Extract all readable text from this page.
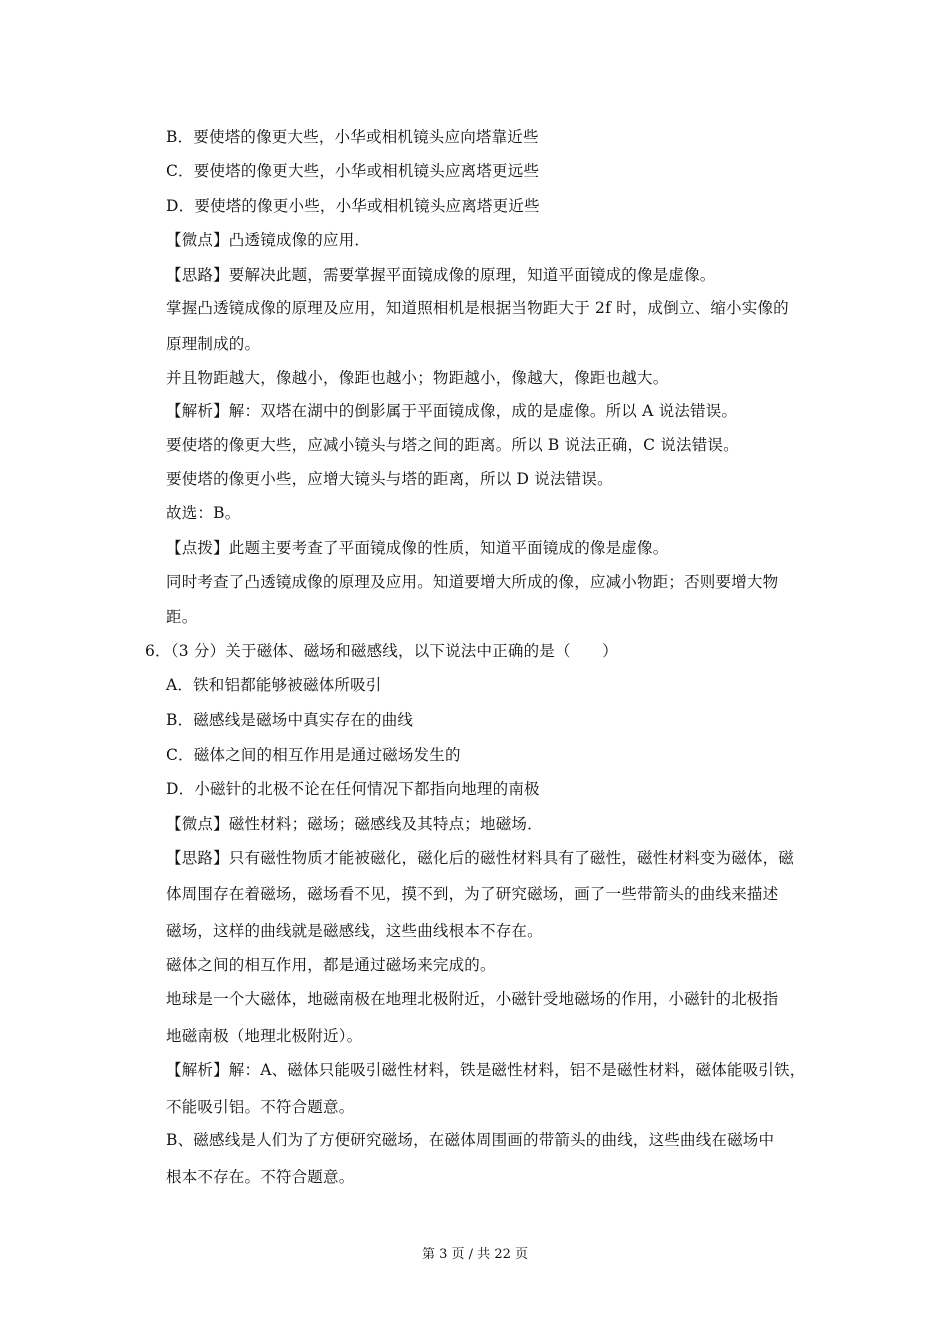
B．要使塔的像更大些，小华或相机镜头应向塔靠近些
C．要使塔的像更大些，小华或相机镜头应离塔更远些
D．要使塔的像更小些，小华或相机镜头应离塔更近些
【微点】凸透镜成像的应用．
【思路】要解决此题，需要掌握平面镜成像的原理，知道平面镜成的像是虚像。
掌握凸透镜成像的原理及应用，知道照相机是根据当物距大于 2f 时，成倒立、缩小实像的
原理制成的。
并且物距越大，像越小，像距也越小；物距越小，像越大，像距也越大。
【解析】解：双塔在湖中的倒影属于平面镜成像，成的是虚像。所以 A 说法错误。
要使塔的像更大些，应减小镜头与塔之间的距离。所以 B 说法正确，C 说法错误。
要使塔的像更小些，应增大镜头与塔的距离，所以 D 说法错误。
故选：B。
【点拨】此题主要考查了平面镜成像的性质，知道平面镜成的像是虚像。
同时考查了凸透镜成像的原理及应用。知道要增大所成的像，应减小物距；否则要增大物
距。
6．（3 分）关于磁体、磁场和磁感线，以下说法中正确的是（　　）
A．铁和铝都能够被磁体所吸引
B．磁感线是磁场中真实存在的曲线
C．磁体之间的相互作用是通过磁场发生的
D．小磁针的北极不论在任何情况下都指向地理的南极
【微点】磁性材料；磁场；磁感线及其特点；地磁场．
【思路】只有磁性物质才能被磁化，磁化后的磁性材料具有了磁性，磁性材料变为磁体，磁
体周围存在着磁场，磁场看不见，摸不到，为了研究磁场，画了一些带箭头的曲线来描述
磁场，这样的曲线就是磁感线，这些曲线根本不存在。
磁体之间的相互作用，都是通过磁场来完成的。
地球是一个大磁体，地磁南极在地理北极附近，小磁针受地磁场的作用，小磁针的北极指
地磁南极（地理北极附近）。
【解析】解：A、磁体只能吸引磁性材料，铁是磁性材料，铝不是磁性材料，磁体能吸引铁，
不能吸引铝。不符合题意。
B、磁感线是人们为了方便研究磁场，在磁体周围画的带箭头的曲线，这些曲线在磁场中
根本不存在。不符合题意。
第 3 页 / 共 22 页
